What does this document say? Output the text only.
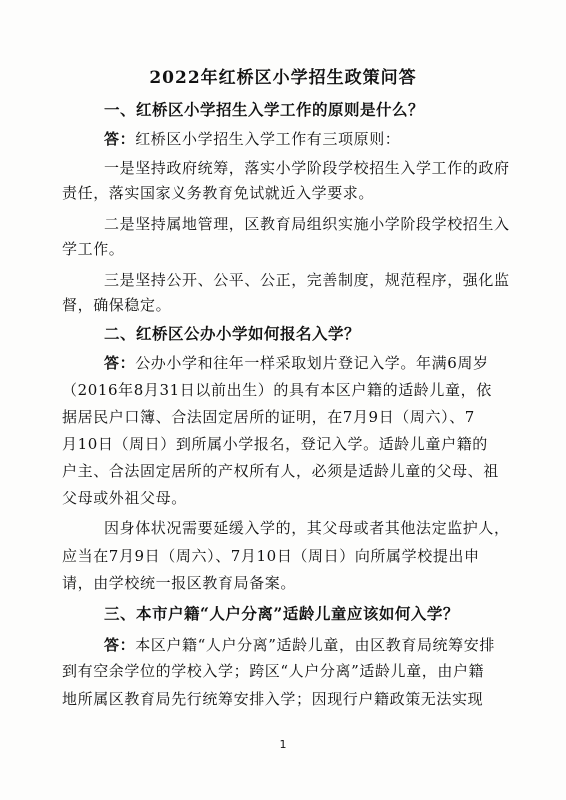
2022年红桥区小学招生政策问答
一、红桥区小学招生入学工作的原则是什么？
答：红桥区小学招生入学工作有三项原则：
一是坚持政府统筹，落实小学阶段学校招生入学工作的政府
责任，落实国家义务教育免试就近入学要求。
二是坚持属地管理，区教育局组织实施小学阶段学校招生入
学工作。
三是坚持公开、公平、公正，完善制度，规范程序，强化监
督，确保稳定。
二、红桥区公办小学如何报名入学？
答：公办小学和往年一样采取划片登记入学。年满6周岁
（2016年8月31日以前出生）的具有本区户籍的适龄儿童，依
据居民户口簿、合法固定居所的证明，在7月9日（周六）、7
月10日（周日）到所属小学报名，登记入学。适龄儿童户籍的
户主、合法固定居所的产权所有人，必须是适龄儿童的父母、祖
父母或外祖父母。
因身体状况需要延缓入学的，其父母或者其他法定监护人，
应当在7月9日（周六）、7月10日（周日）向所属学校提出申
请，由学校统一报区教育局备案。
三、本市户籍“人户分离”适龄儿童应该如何入学？
答：本区户籍“人户分离”适龄儿童，由区教育局统筹安排
到有空余学位的学校入学；跨区“人户分离”适龄儿童，由户籍
地所属区教育局先行统筹安排入学；因现行户籍政策无法实现
1
